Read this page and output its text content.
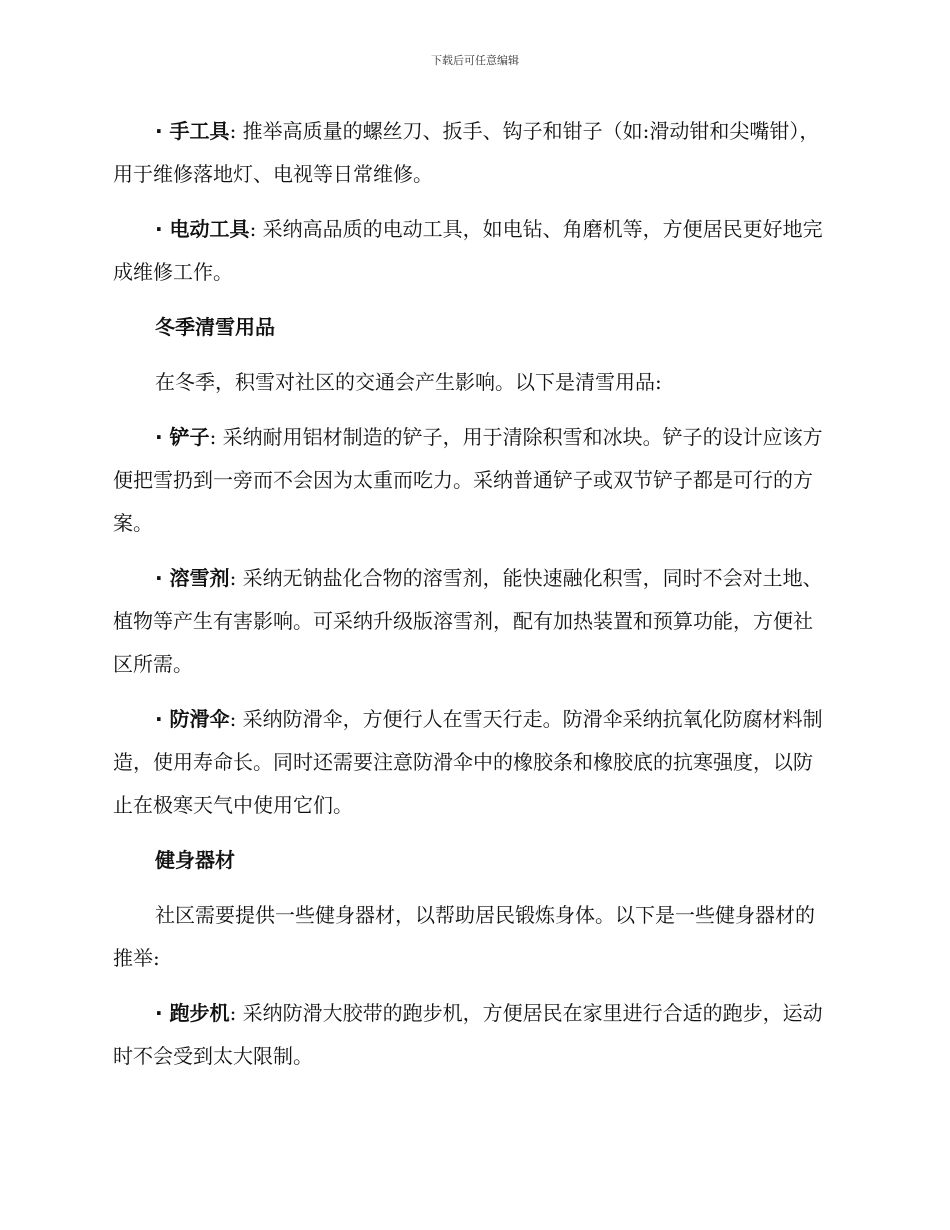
下载后可任意编辑

· 手工具: 推举高质量的螺丝刀、扳手、钩子和钳子（如:滑动钳和尖嘴钳），用于维修落地灯、电视等日常维修。

· 电动工具: 采纳高品质的电动工具，如电钻、角磨机等，方便居民更好地完成维修工作。

冬季清雪用品

在冬季，积雪对社区的交通会产生影响。以下是清雪用品:

· 铲子: 采纳耐用铝材制造的铲子，用于清除积雪和冰块。铲子的设计应该方便把雪扔到一旁而不会因为太重而吃力。采纳普通铲子或双节铲子都是可行的方案。

· 溶雪剂: 采纳无钠盐化合物的溶雪剂，能快速融化积雪，同时不会对土地、植物等产生有害影响。可采纳升级版溶雪剂，配有加热装置和预算功能，方便社区所需。

· 防滑伞: 采纳防滑伞，方便行人在雪天行走。防滑伞采纳抗氧化防腐材料制造，使用寿命长。同时还需要注意防滑伞中的橡胶条和橡胶底的抗寒强度，以防止在极寒天气中使用它们。

健身器材

社区需要提供一些健身器材，以帮助居民锻炼身体。以下是一些健身器材的推举:

· 跑步机: 采纳防滑大胶带的跑步机，方便居民在家里进行合适的跑步，运动时不会受到太大限制。
